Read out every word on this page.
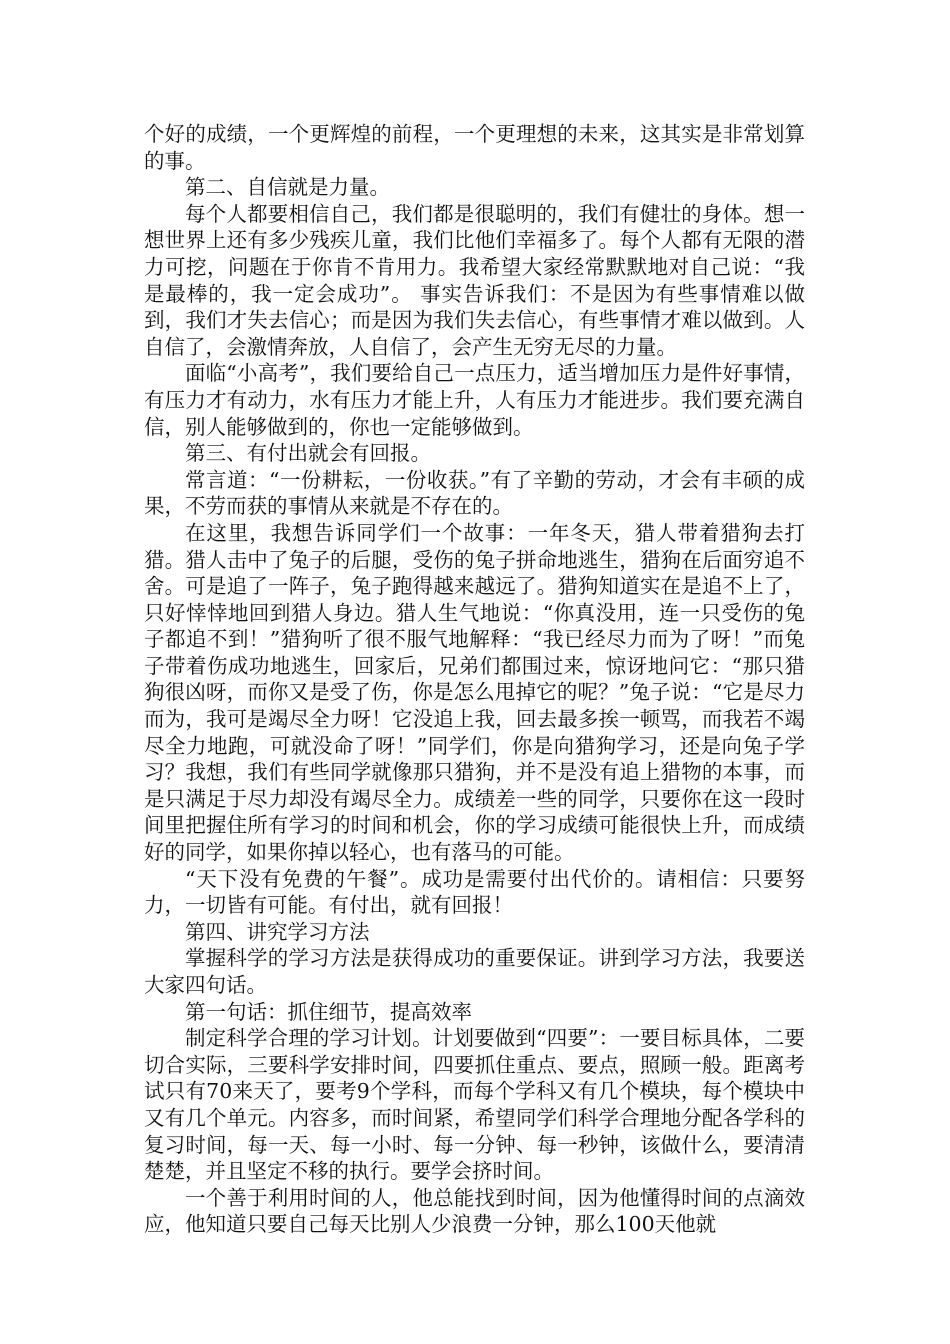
个好的成绩，一个更辉煌的前程，一个更理想的未来，这其实是非常划算的事。

第二、自信就是力量。

每个人都要相信自己，我们都是很聪明的，我们有健壮的身体。想一想世界上还有多少残疾儿童，我们比他们幸福多了。每个人都有无限的潜力可挖，问题在于你肯不肯用力。我希望大家经常默默地对自己说：“我是最棒的，我一定会成功”。 事实告诉我们：不是因为有些事情难以做到，我们才失去信心；而是因为我们失去信心，有些事情才难以做到。人自信了，会激情奔放，人自信了，会产生无穷无尽的力量。

面临“小高考”，我们要给自己一点压力，适当增加压力是件好事情，有压力才有动力，水有压力才能上升，人有压力才能进步。我们要充满自信，别人能够做到的，你也一定能够做到。

第三、有付出就会有回报。

常言道：“一份耕耘，一份收获。”有了辛勤的劳动，才会有丰硕的成果，不劳而获的事情从来就是不存在的。

在这里，我想告诉同学们一个故事：一年冬天，猎人带着猎狗去打猎。猎人击中了兔子的后腿，受伤的兔子拼命地逃生，猎狗在后面穷追不舍。可是追了一阵子，兔子跑得越来越远了。猎狗知道实在是追不上了，只好悻悻地回到猎人身边。猎人生气地说：“你真没用，连一只受伤的兔子都追不到！”猎狗听了很不服气地解释：“我已经尽力而为了呀！”而兔子带着伤成功地逃生，回家后，兄弟们都围过来，惊讶地问它：“那只猎狗很凶呀，而你又是受了伤，你是怎么甩掉它的呢？”兔子说：“它是尽力而为，我可是竭尽全力呀！它没追上我，回去最多挨一顿骂，而我若不竭尽全力地跑，可就没命了呀！”同学们，你是向猎狗学习，还是向兔子学习？我想，我们有些同学就像那只猎狗，并不是没有追上猎物的本事，而是只满足于尽力却没有竭尽全力。成绩差一些的同学，只要你在这一段时间里把握住所有学习的时间和机会，你的学习成绩可能很快上升，而成绩好的同学，如果你掉以轻心，也有落马的可能。

“天下没有免费的午餐”。成功是需要付出代价的。请相信：只要努力，一切皆有可能。有付出，就有回报！

第四、讲究学习方法

掌握科学的学习方法是获得成功的重要保证。讲到学习方法，我要送大家四句话。

第一句话：抓住细节，提高效率

制定科学合理的学习计划。计划要做到“四要”：一要目标具体，二要切合实际，三要科学安排时间，四要抓住重点、要点，照顾一般。距离考试只有70来天了，要考9个学科，而每个学科又有几个模块，每个模块中又有几个单元。内容多，而时间紧，希望同学们科学合理地分配各学科的复习时间，每一天、每一小时、每一分钟、每一秒钟，该做什么，要清清楚楚，并且坚定不移的执行。要学会挤时间。

一个善于利用时间的人，他总能找到时间，因为他懂得时间的点滴效应，他知道只要自己每天比别人少浪费一分钟，那么100天他就
